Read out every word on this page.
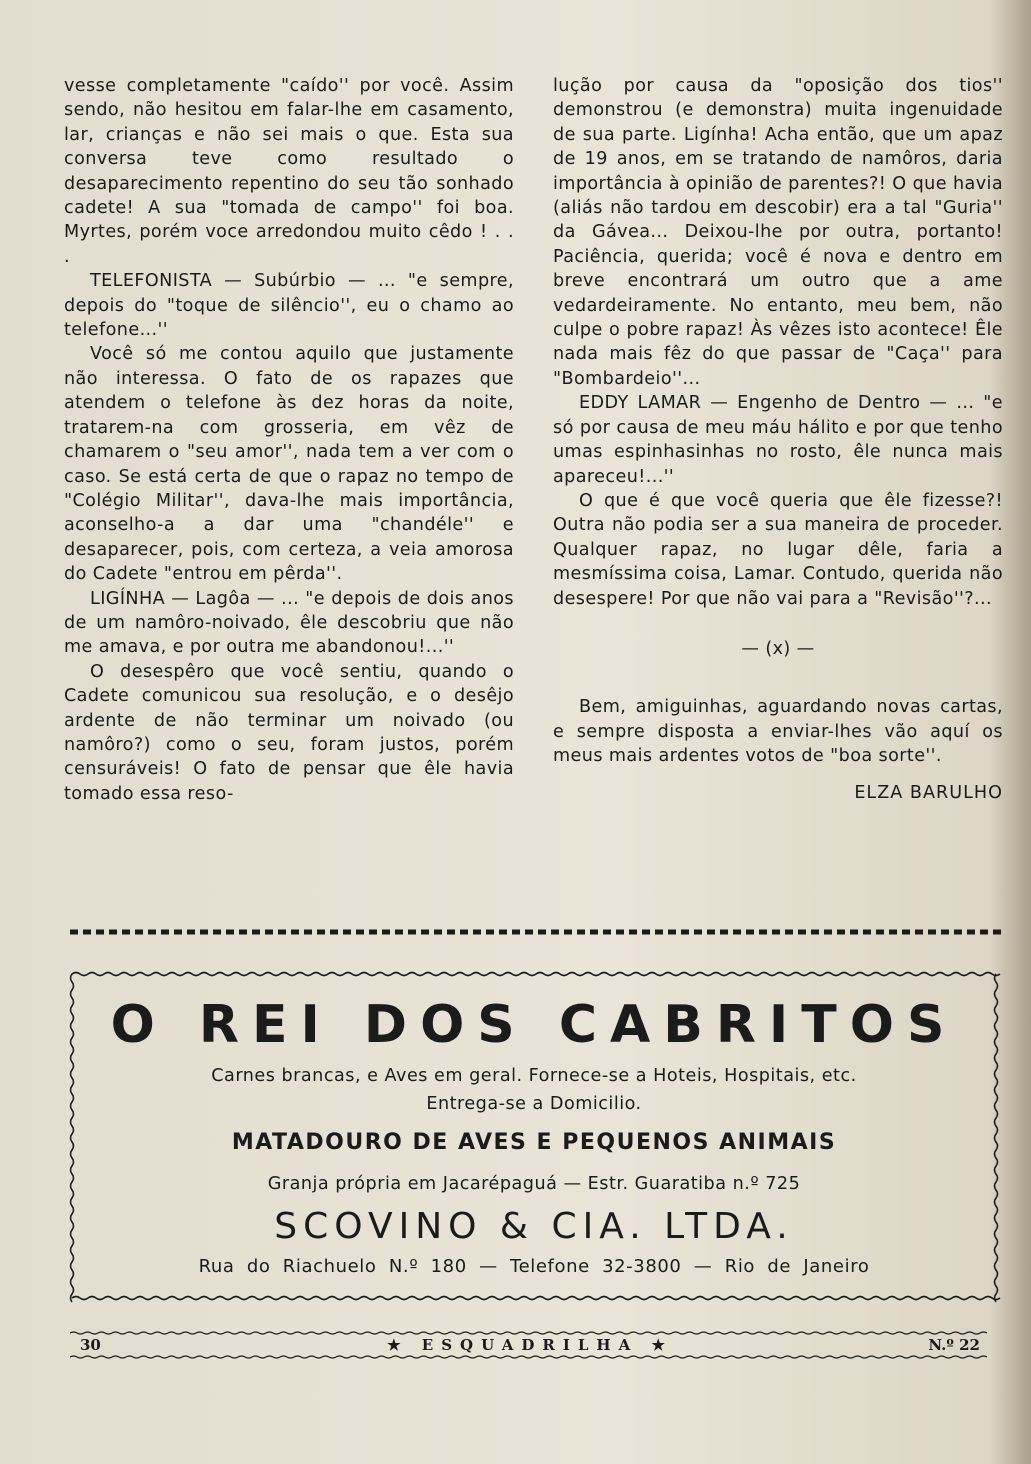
vesse completamente "caído'' por você. Assim sendo, não hesitou em falar-lhe em casamento, lar, crianças e não sei mais o que. Esta sua conversa teve como resultado o desaparecimento repentino do seu tão sonhado cadete! A sua "tomada de campo'' foi boa. Myrtes, porém voce arredondou muito cêdo ! . . .

TELEFONISTA — Subúrbio — ... "e sempre, depois do "toque de silêncio'', eu o chamo ao telefone...''

Você só me contou aquilo que justamente não interessa. O fato de os rapazes que atendem o telefone às dez horas da noite, tratarem-na com grosseria, em vêz de chamarem o "seu amor'', nada tem a ver com o caso. Se está certa de que o rapaz no tempo de "Colégio Militar'', dava-lhe mais importância, aconselho-a a dar uma "chandéle'' e desaparecer, pois, com certeza, a veia amorosa do Cadete "entrou em pêrda''.

LIGÍNHA — Lagôa — ... "e depois de dois anos de um namôro-noivado, êle descobriu que não me amava, e por outra me abandonou!...''

O desespêro que você sentiu, quando o Cadete comunicou sua resolução, e o desêjo ardente de não terminar um noivado (ou namôro?) como o seu, foram justos, porém censuráveis! O fato de pensar que êle havia tomado essa reso-

lução por causa da "oposição dos tios'' demonstrou (e demonstra) muita ingenuidade de sua parte. Ligínha! Acha então, que um apaz de 19 anos, em se tratando de namôros, daria importância à opinião de parentes?! O que havia (aliás não tardou em descobir) era a tal "Guria'' da Gávea... Deixou-lhe por outra, portanto! Paciência, querida; você é nova e dentro em breve encontrará um outro que a ame vedardeiramente. No entanto, meu bem, não culpe o pobre rapaz! Às vêzes isto acontece! Êle nada mais fêz do que passar de "Caça'' para "Bombardeio''...

EDDY LAMAR — Engenho de Dentro — ... "e só por causa de meu máu hálito e por que tenho umas espinhasinhas no rosto, êle nunca mais apareceu!...''

O que é que você queria que êle fizesse?! Outra não podia ser a sua maneira de proceder. Qualquer rapaz, no lugar dêle, faria a mesmíssima coisa, Lamar. Contudo, querida não desespere! Por que não vai para a "Revisão''?...

— (x) —

Bem, amiguinhas, aguardando novas cartas, e sempre disposta a enviar-lhes vão aquí os meus mais ardentes votos de "boa sorte''.

ELZA BARULHO

O REI DOS CABRITOS
Carnes brancas, e Aves em geral. Fornece-se a Hoteis, Hospitais, etc.
Entrega-se a Domicilio.
MATADOURO DE AVES E PEQUENOS ANIMAIS
Granja própria em Jacarépaguá — Estr. Guaratiba n.º 725
SCOVINO & CIA. LTDA.
Rua do Riachuelo N.º 180 — Telefone 32-3800 — Rio de Janeiro
30	★ ESQUADRILHA ★	N.º 22
